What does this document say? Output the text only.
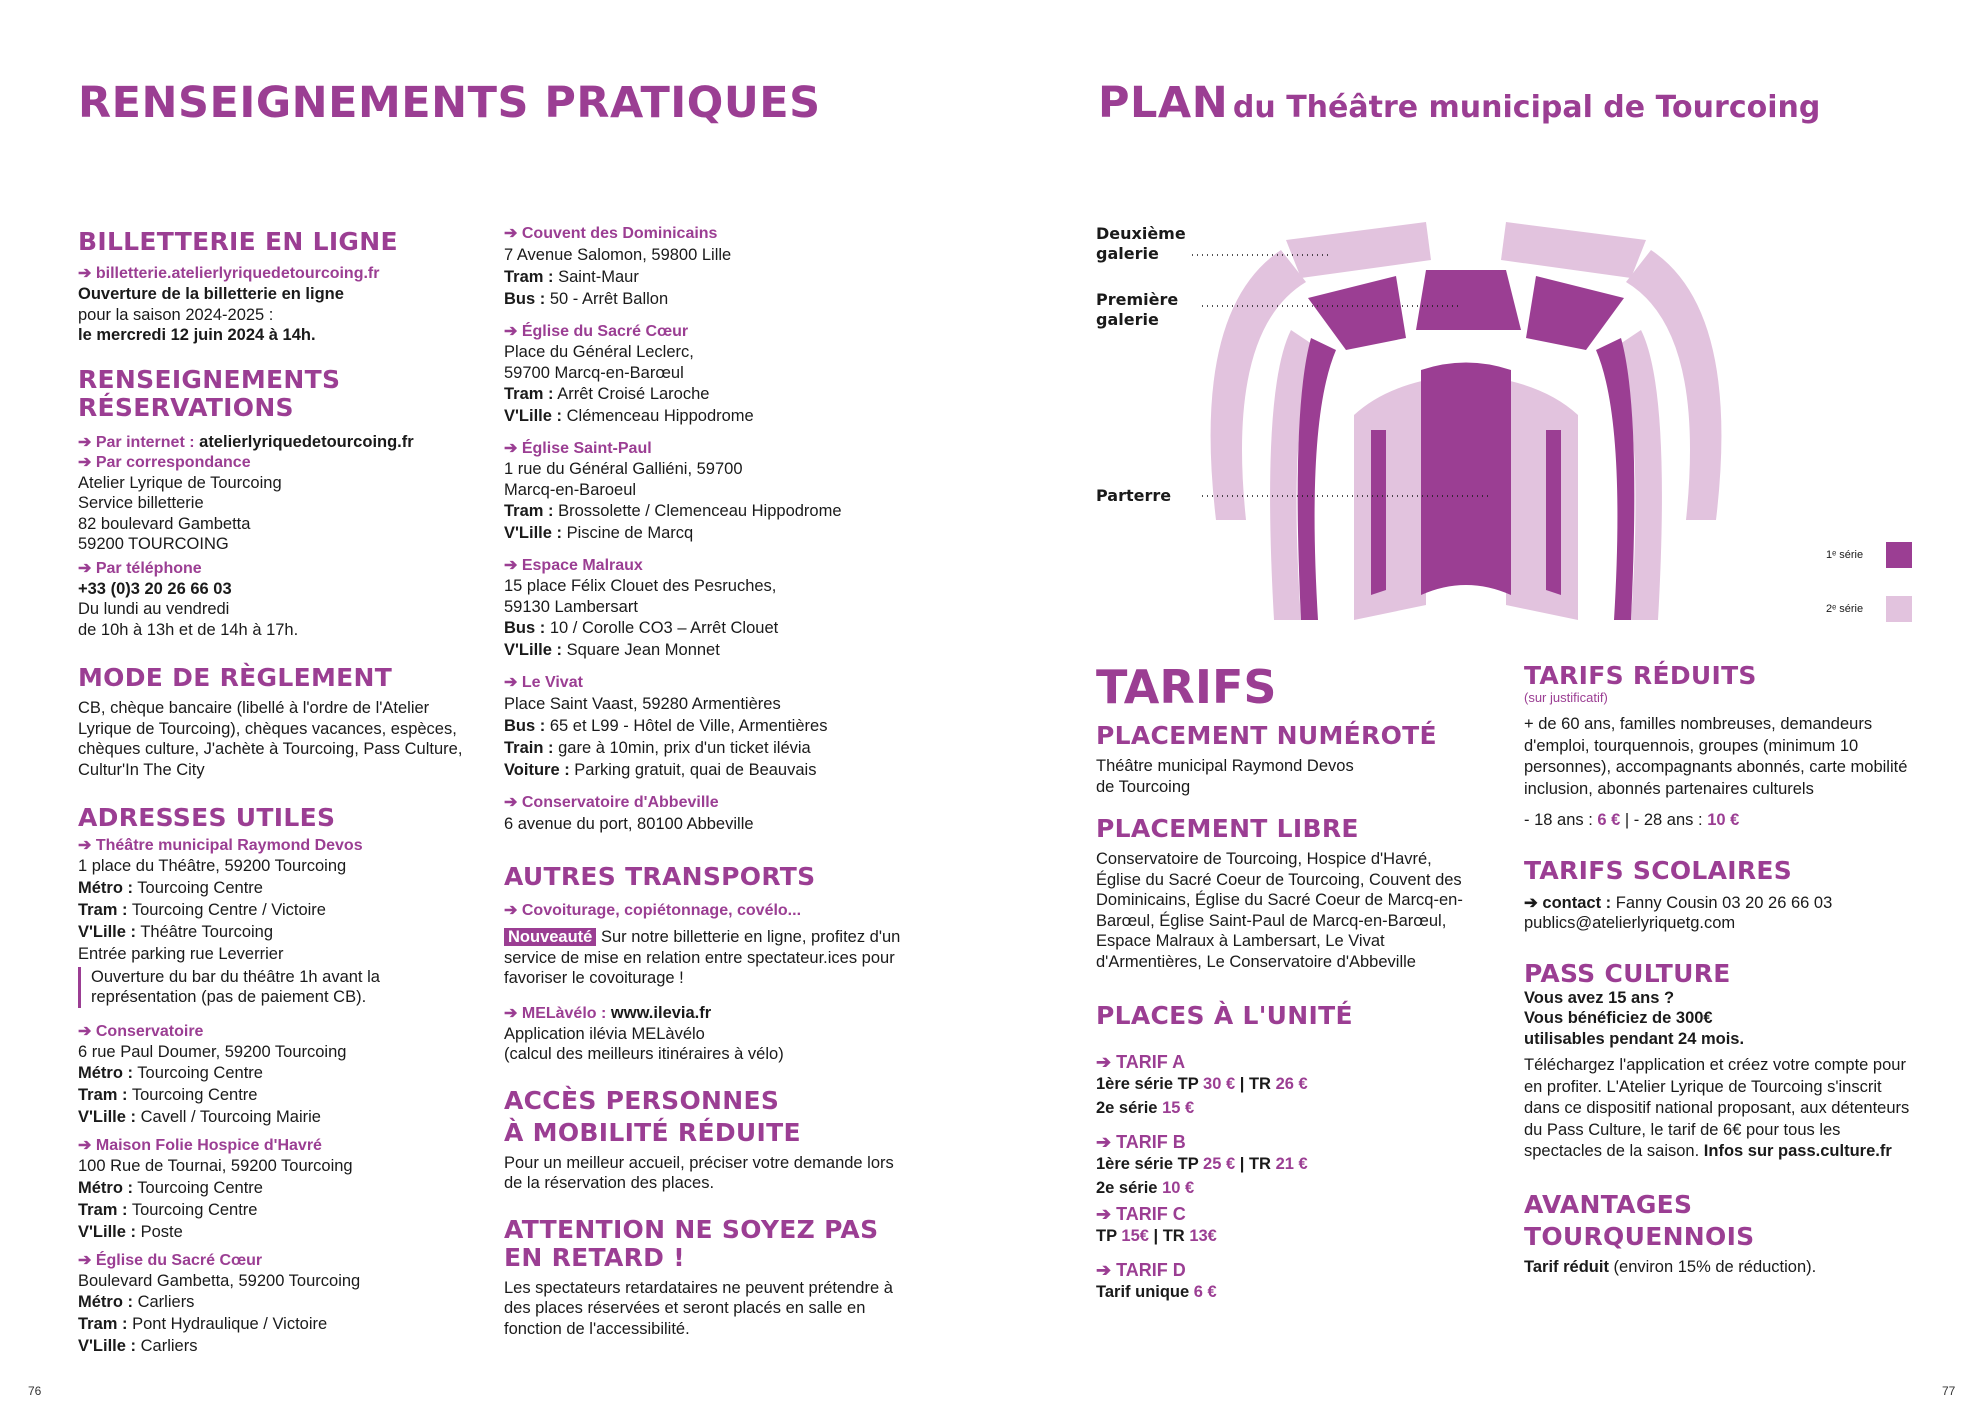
RENSEIGNEMENTS PRATIQUES
BILLETTERIE EN LIGNE
➔ billetterie.atelierlyriquedetourcoing.fr
Ouverture de la billetterie en ligne
pour la saison 2024-2025 :
le mercredi 12 juin 2024 à 14h.
RENSEIGNEMENTS
RÉSERVATIONS
➔ Par internet : atelierlyriquedetourcoing.fr
➔ Par correspondance
Atelier Lyrique de Tourcoing
Service billetterie
82 boulevard Gambetta
59200 TOURCOING
➔ Par téléphone
+33 (0)3 20 26 66 03
Du lundi au vendredi
de 10h à 13h et de 14h à 17h.
MODE DE RÈGLEMENT
CB, chèque bancaire (libellé à l'ordre de l'Atelier Lyrique de Tourcoing), chèques vacances, espèces, chèques culture, J'achète à Tourcoing, Pass Culture, Cultur'In The City
ADRESSES UTILES
➔ Théâtre municipal Raymond Devos
1 place du Théâtre, 59200 Tourcoing
Métro : Tourcoing Centre
Tram : Tourcoing Centre / Victoire
V'Lille : Théâtre Tourcoing
Entrée parking rue Leverrier
Ouverture du bar du théâtre 1h avant la représentation (pas de paiement CB).
➔ Conservatoire
6 rue Paul Doumer, 59200 Tourcoing
Métro : Tourcoing Centre
Tram : Tourcoing Centre
V'Lille : Cavell / Tourcoing Mairie
➔ Maison Folie Hospice d'Havré
100 Rue de Tournai, 59200 Tourcoing
Métro : Tourcoing Centre
Tram : Tourcoing Centre
V'Lille : Poste
➔ Église du Sacré Cœur
Boulevard Gambetta, 59200 Tourcoing
Métro : Carliers
Tram : Pont Hydraulique / Victoire
V'Lille : Carliers
➔ Couvent des Dominicains
7 Avenue Salomon, 59800 Lille
Tram : Saint-Maur
Bus : 50 - Arrêt Ballon
➔ Église du Sacré Cœur
Place du Général Leclerc,
59700 Marcq-en-Barœul
Tram : Arrêt Croisé Laroche
V'Lille : Clémenceau Hippodrome
➔ Église Saint-Paul
1 rue du Général Galliéni, 59700
Marcq-en-Baroeul
Tram : Brossolette / Clemenceau Hippodrome
V'Lille : Piscine de Marcq
➔ Espace Malraux
15 place Félix Clouet des Pesruches,
59130 Lambersart
Bus : 10 / Corolle CO3 – Arrêt Clouet
V'Lille : Square Jean Monnet
➔ Le Vivat
Place Saint Vaast, 59280 Armentières
Bus : 65 et L99 - Hôtel de Ville, Armentières
Train : gare à 10min, prix d'un ticket ilévia
Voiture : Parking gratuit, quai de Beauvais
➔ Conservatoire d'Abbeville
6 avenue du port, 80100 Abbeville
AUTRES TRANSPORTS
➔ Covoiturage, copiétonnage, covélo...
Nouveauté Sur notre billetterie en ligne, profitez d'un service de mise en relation entre spectateur.ices pour favoriser le covoiturage !
➔ MELàvélo : www.ilevia.fr
Application ilévia MELàvélo
(calcul des meilleurs itinéraires à vélo)
ACCÈS PERSONNES
À MOBILITÉ RÉDUITE
Pour un meilleur accueil, préciser votre demande lors de la réservation des places.
ATTENTION NE SOYEZ PAS
EN RETARD !
Les spectateurs retardataires ne peuvent prétendre à des places réservées et seront placés en salle en fonction de l'accessibilité.
76
PLAN du Théâtre municipal de Tourcoing
Deuxième
galerie
Première
galerie
Parterre
1ᵉ série
2ᵉ série
TARIFS
PLACEMENT NUMÉROTÉ
Théâtre municipal Raymond Devos de Tourcoing
PLACEMENT LIBRE
Conservatoire de Tourcoing, Hospice d'Havré, Église du Sacré Coeur de Tourcoing, Couvent des Dominicains, Église du Sacré Coeur de Marcq-en-Barœul, Église Saint-Paul de Marcq-en-Barœul, Espace Malraux à Lambersart, Le Vivat d'Armentières, Le Conservatoire d'Abbeville
PLACES À L'UNITÉ
➔ TARIF A
1ère série TP 30 € | TR 26 €
2e série 15 €
➔ TARIF B
1ère série TP 25 € | TR 21 €
2e série 10 €
➔ TARIF C
TP 15€ | TR 13€
➔ TARIF D
Tarif unique 6 €
TARIFS RÉDUITS
(sur justificatif)
+ de 60 ans, familles nombreuses, demandeurs d'emploi, tourquennois, groupes (minimum 10 personnes), accompagnants abonnés, carte mobilité inclusion, abonnés partenaires culturels
- 18 ans : 6 € | - 28 ans : 10 €
TARIFS SCOLAIRES
➔ contact : Fanny Cousin 03 20 26 66 03
publics@atelierlyriquetg.com
PASS CULTURE
Vous avez 15 ans ?
Vous bénéficiez de 300€
utilisables pendant 24 mois.
Téléchargez l'application et créez votre compte pour en profiter. L'Atelier Lyrique de Tourcoing s'inscrit dans ce dispositif national proposant, aux détenteurs du Pass Culture, le tarif de 6€ pour tous les spectacles de la saison. Infos sur pass.culture.fr
AVANTAGES
TOURQUENNOIS
Tarif réduit (environ 15% de réduction).
77
